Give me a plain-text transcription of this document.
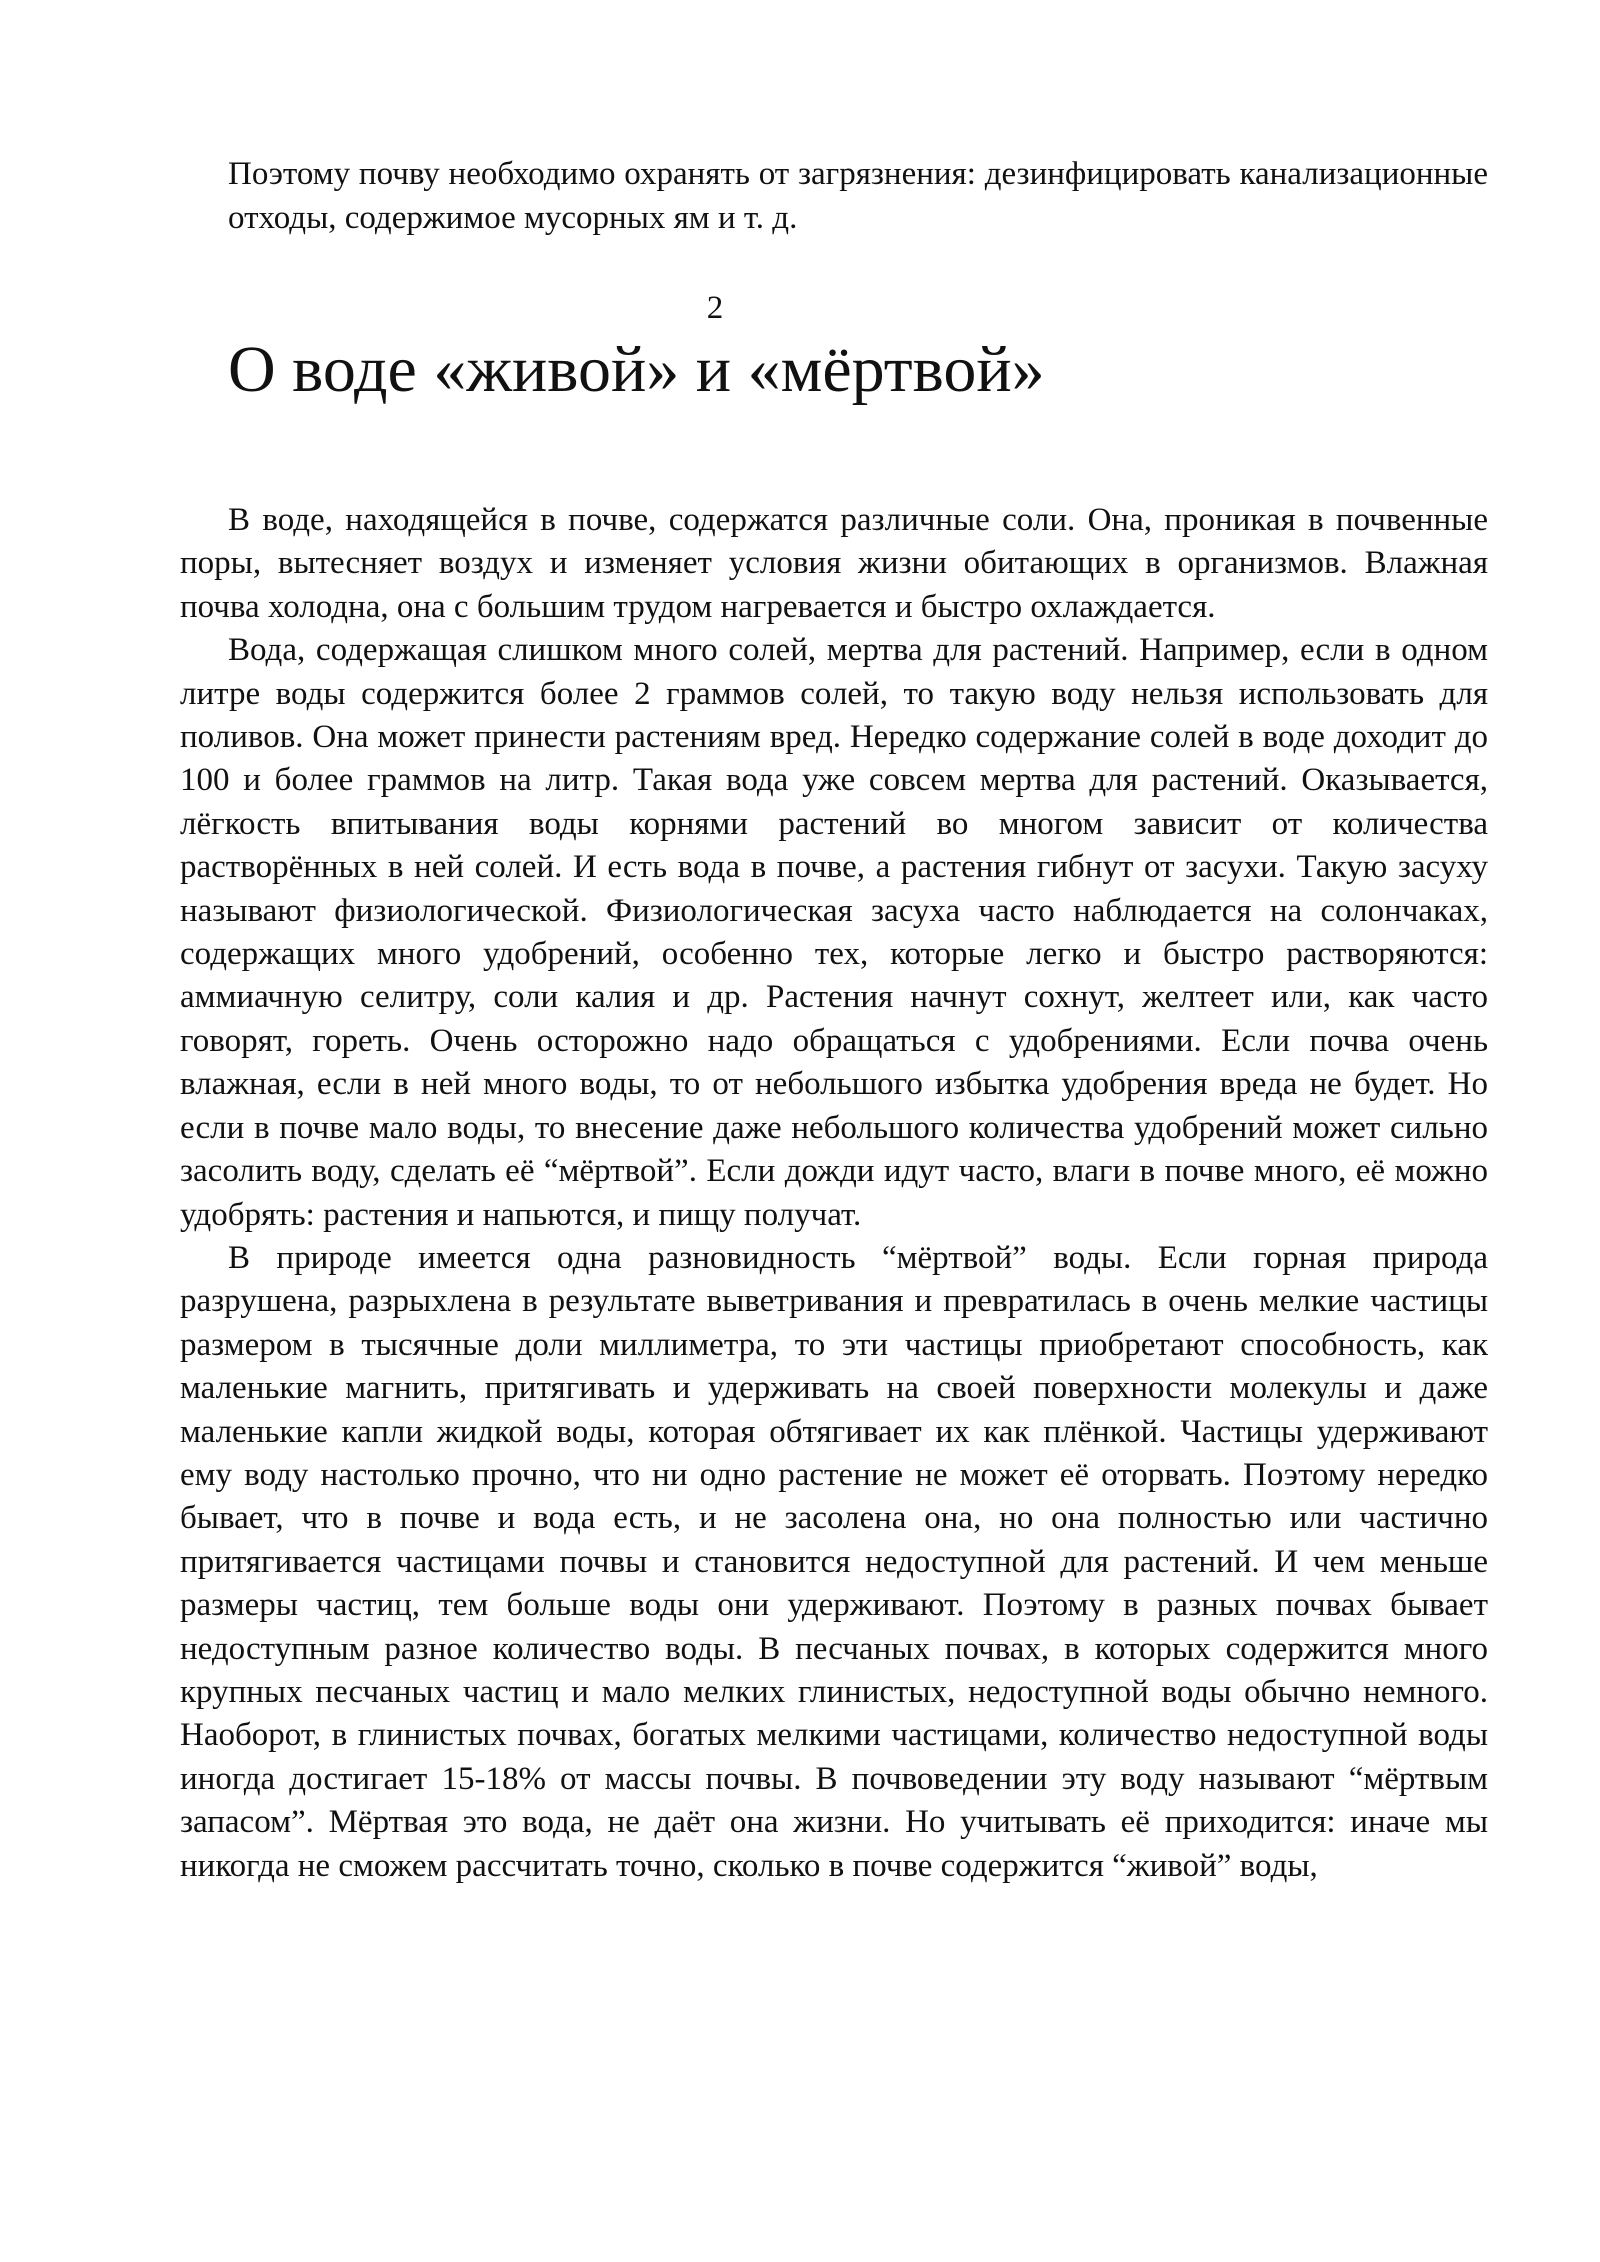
Поэтому почву необходимо охранять от загрязнения: дезинфицировать канализационные отходы, содержимое мусорных ям и т. д.

2
О воде «живой» и «мёртвой»

В воде, находящейся в почве, содержатся различные соли. Она, проникая в почвенные поры, вытесняет воздух и изменяет условия жизни обитающих в организмов. Влажная почва холодна, она с большим трудом нагревается и быстро охлаждается.

Вода, содержащая слишком много солей, мертва для растений. Например, если в одном литре воды содержится более 2 граммов солей, то такую воду нельзя использовать для поливов. Она может принести растениям вред. Нередко содержание солей в воде доходит до 100 и более граммов на литр. Такая вода уже совсем мертва для растений. Оказывается, лёгкость впитывания воды корнями растений во многом зависит от количества растворённых в ней солей. И есть вода в почве, а растения гибнут от засухи. Такую засуху называют физиологической. Физиологическая засуха часто наблюдается на солончаках, содержащих много удобрений, особенно тех, которые легко и быстро растворяются: аммиачную селитру, соли калия и др. Растения начнут сохнут, желтеет или, как часто говорят, гореть. Очень осторожно надо обращаться с удобрениями. Если почва очень влажная, если в ней много воды, то от небольшого избытка удобрения вреда не будет. Но если в почве мало воды, то внесение даже небольшого количества удобрений может сильно засолить воду, сделать её “мёртвой”. Если дожди идут часто, влаги в почве много, её можно удобрять: растения и напьются, и пищу получат.

В природе имеется одна разновидность “мёртвой” воды. Если горная природа разрушена, разрыхлена в результате выветривания и превратилась в очень мелкие частицы размером в тысячные доли миллиметра, то эти частицы приобретают способность, как маленькие магнить, притягивать и удерживать на своей поверхности молекулы и даже маленькие капли жидкой воды, которая обтягивает их как плёнкой. Частицы удерживают ему воду настолько прочно, что ни одно растение не может её оторвать. Поэтому нередко бывает, что в почве и вода есть, и не засолена она, но она полностью или частично притягивается частицами почвы и становится недоступной для растений. И чем меньше размеры частиц, тем больше воды они удерживают. Поэтому в разных почвах бывает недоступным разное количество воды. В песчаных почвах, в которых содержится много крупных песчаных частиц и мало мелких глинистых, недоступной воды обычно немного. Наоборот, в глинистых почвах, богатых мелкими частицами, количество недоступной воды иногда достигает 15-18% от массы почвы. В почвоведении эту воду называют “мёртвым запасом”. Мёртвая это вода, не даёт она жизни. Но учитывать её приходится: иначе мы никогда не сможем рассчитать точно, сколько в почве содержится “живой” воды,
